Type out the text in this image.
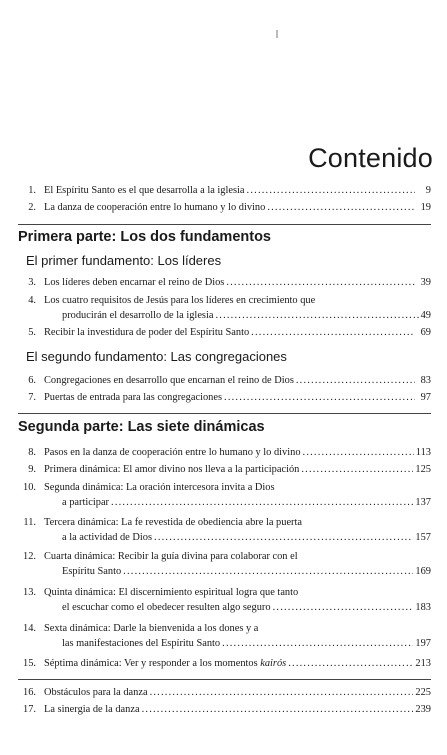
Contenido
1. El Espíritu Santo es el que desarrolla a la iglesia .....	9
2. La danza de cooperación entre lo humano y lo divino .....	19
Primera parte: Los dos fundamentos
El primer fundamento: Los líderes
3. Los líderes deben encarnar el reino de Dios .....	39
4. Los cuatro requisitos de Jesús para los líderes en crecimiento que
producirán el desarrollo de la iglesia .....	49
5. Recibir la investidura de poder del Espíritu Santo .....	69
El segundo fundamento: Las congregaciones
6. Congregaciones en desarrollo que encarnan el reino de Dios .....	83
7. Puertas de entrada para las congregaciones .....	97
Segunda parte: Las siete dinámicas
8. Pasos en la danza de cooperación entre lo humano y lo divino .....	113
9. Primera dinámica: El amor divino nos lleva a la participación .....	125
10. Segunda dinámica: La oración intercesora invita a Dios
a participar .....	137
11. Tercera dinámica: La fe revestida de obediencia abre la puerta
a la actividad de Dios .....	157
12. Cuarta dinámica: Recibir la guía divina para colaborar con el
Espíritu Santo .....	169
13. Quinta dinámica: El discernimiento espiritual logra que tanto
el escuchar como el obedecer resulten algo seguro .....	183
14. Sexta dinámica: Darle la bienvenida a los dones y a
las manifestaciones del Espíritu Santo .....	197
15. Séptima dinámica: Ver y responder a los momentos kairós .....	213
16. Obstáculos para la danza .....	225
17. La sinergia de la danza .....	239
